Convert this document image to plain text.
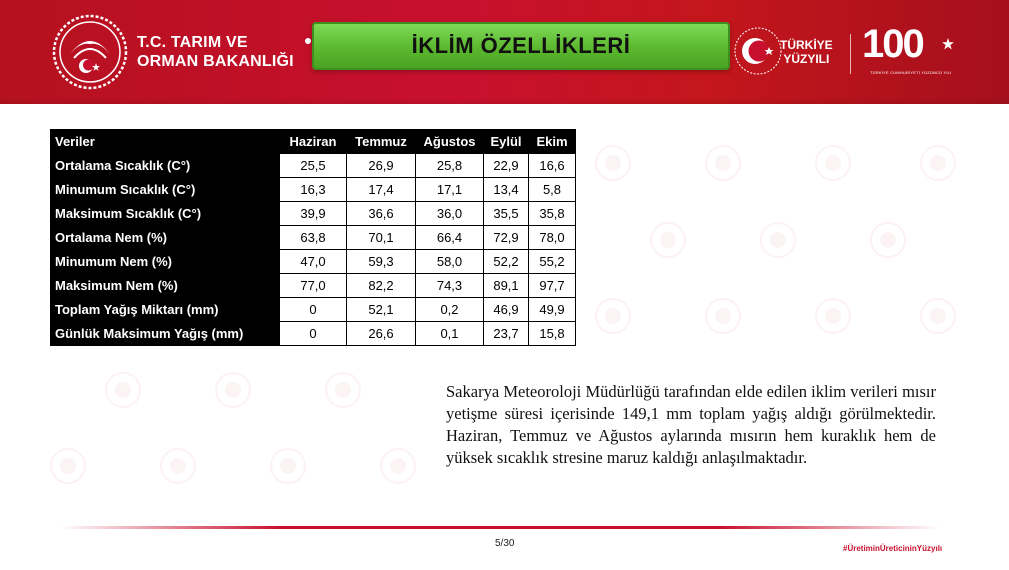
T.C. TARIM VE
ORMAN BAKANLIĞI
İKLİM ÖZELLİKLERİ	TÜRKİYE
YÜZYILI 100
TÜRKİYE CUMHURİYETİ YÜZÜNCÜ YILI
Veriler	Haziran	Temmuz	Ağustos	Eylül	Ekim
Ortalama Sıcaklık (C°)	25,5	26,9	25,8	22,9	16,6
Minumum Sıcaklık (C°)	16,3	17,4	17,1	13,4	5,8
Maksimum Sıcaklık (C°)	39,9	36,6	36,0	35,5	35,8
Ortalama Nem (%)	63,8	70,1	66,4	72,9	78,0
Minumum Nem (%)	47,0	59,3	58,0	52,2	55,2
Maksimum Nem (%)	77,0	82,2	74,3	89,1	97,7
Toplam Yağış Miktarı (mm)	0	52,1	0,2	46,9	49,9
Günlük Maksimum Yağış (mm)	0	26,6	0,1	23,7	15,8
Sakarya Meteoroloji Müdürlüğü tarafından elde edilen iklim verileri mısır yetişme süresi içerisinde 149,1 mm toplam yağış aldığı görülmektedir. Haziran, Temmuz ve Ağustos aylarında mısırın hem kuraklık hem de yüksek sıcaklık stresine maruz kaldığı anlaşılmaktadır.
5/30	#ÜretiminÜreticininYüzyılı
